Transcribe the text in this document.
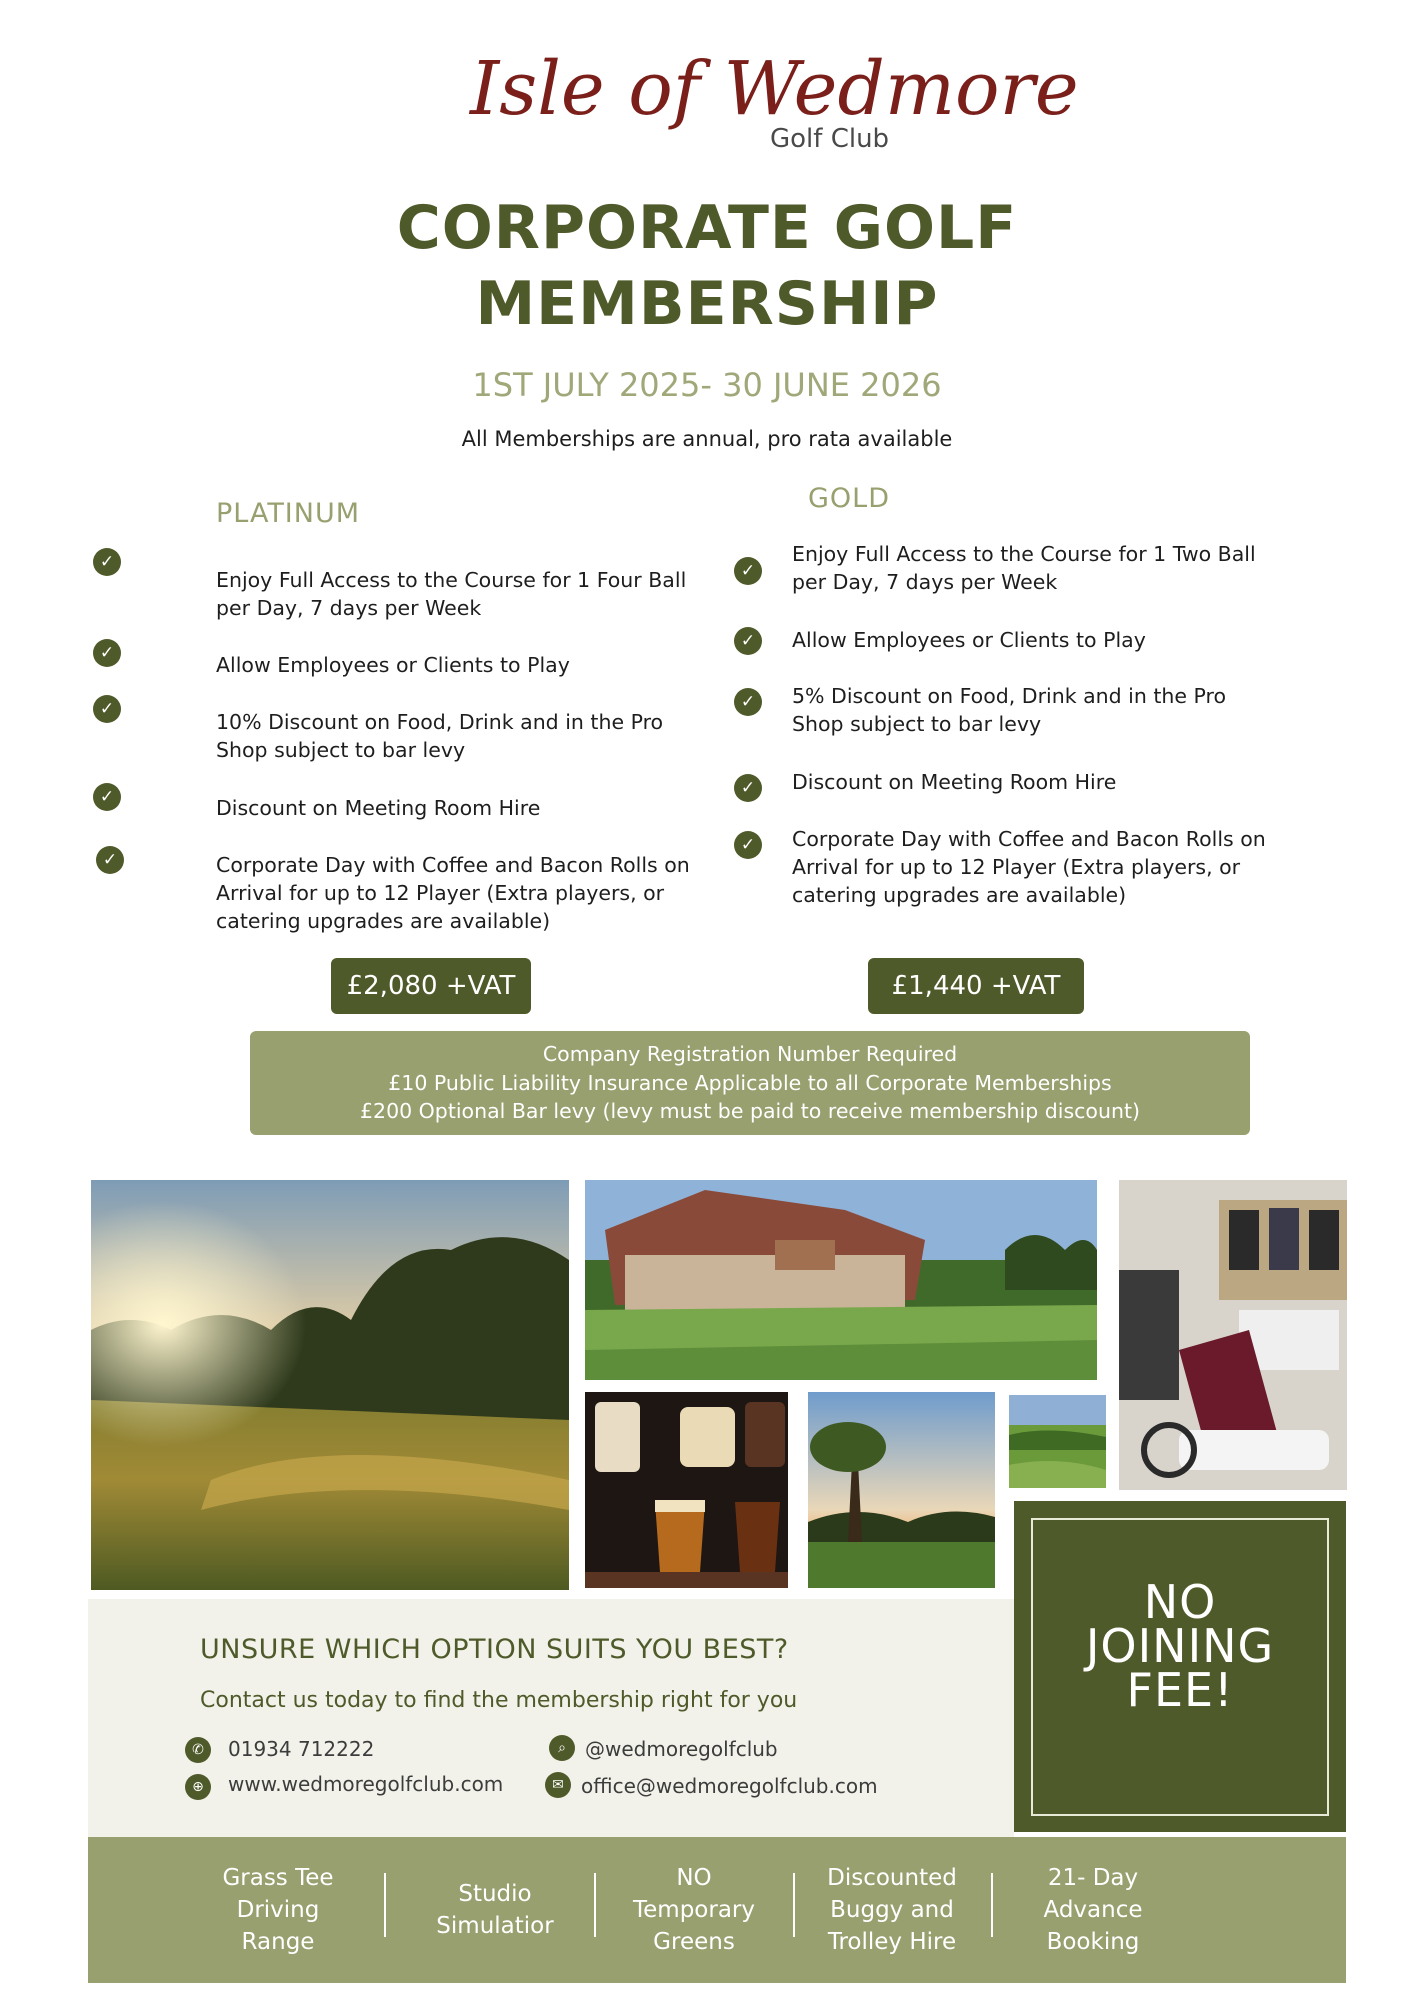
Isle of Wedmore
Golf Club
CORPORATE GOLF
MEMBERSHIP
1ST JULY 2025- 30 JUNE 2026
All Memberships are annual, pro rata available
PLATINUM
✓
Enjoy Full Access to the Course for 1 Four Ball per Day, 7 days per Week
✓	Allow Employees or Clients to Play
✓
10% Discount on Food, Drink and in the Pro Shop subject to bar levy
✓	Discount on Meeting Room Hire
✓	Corporate Day with Coffee and Bacon Rolls on Arrival for up to 12 Player (Extra players, or catering upgrades are available)
£2,080 +VAT
GOLD
✓
Enjoy Full Access to the Course for 1 Two Ball per Day, 7 days per Week
✓	Allow Employees or Clients to Play
✓	5% Discount on Food, Drink and in the Pro Shop subject to bar levy
✓	Discount on Meeting Room Hire
✓	Corporate Day with Coffee and Bacon Rolls on Arrival for up to 12 Player (Extra players, or catering upgrades are available)
£1,440 +VAT
Company Registration Number Required
£10 Public Liability Insurance Applicable to all Corporate Memberships
£200 Optional Bar levy (levy must be paid to receive membership discount)
UNSURE WHICH OPTION SUITS YOU BEST?
Contact us today to find the membership right for you
✆	01934 712222	⌕ @wedmoregolfclub
⊕	www.wedmoregolfclub.com	✉ office@wedmoregolfclub.com
NO
JOINING
FEE!
Grass Tee
Driving
Range
Studio
Simulatior
NO
Temporary
Greens
Discounted
Buggy and
Trolley Hire
21- Day
Advance
Booking
